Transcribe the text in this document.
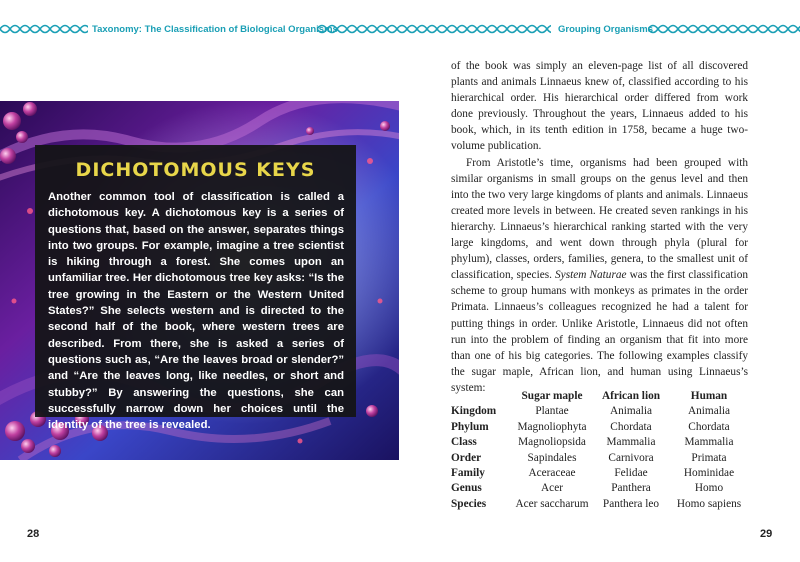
Taxonomy: The Classification of Biological Organisms	Grouping Organisms
DICHOTOMOUS KEYS

Another common tool of classification is called a dichotomous key. A dichotomous key is a series of questions that, based on the answer, separates things into two groups. For example, imagine a tree scientist is hiking through a forest. She comes upon an unfamiliar tree. Her dichotomous tree key asks: “Is the tree growing in the Eastern or the Western United States?” She selects western and is directed to the second half of the book, where western trees are described. From there, she is asked a series of questions such as, “Are the leaves broad or slender?” and “Are the leaves long, like needles, or short and stubby?” By answering the questions, she can successfully narrow down her choices until the identity of the tree is revealed.

of the book was simply an eleven-page list of all discovered plants and animals Linnaeus knew of, classified according to his hierarchical order. His hierarchical order differed from work done previously. Throughout the years, Linnaeus added to his book, which, in its tenth edition in 1758, became a huge two-volume publication.

From Aristotle’s time, organisms had been grouped with similar organisms in small groups on the genus level and then into the two very large kingdoms of plants and animals. Linnaeus created more levels in between. He created seven rankings in his hierarchy. Linnaeus’s hierarchical ranking started with the very large kingdoms, and went down through phyla (plural for phylum), classes, orders, families, genera, to the smallest unit of classification, species. System Naturae was the first classification scheme to group humans with monkeys as primates in the order Primata. Linnaeus’s colleagues recognized he had a talent for putting things in order. Unlike Aristotle, Linnaeus did not often run into the problem of finding an organism that fit into more than one of his big categories. The following examples classify the sugar maple, African lion, and human using Linnaeus’s system:

	Sugar maple	African lion	Human
Kingdom	Plantae	Animalia	Animalia
Phylum	Magnoliophyta	Chordata	Chordata
Class	Magnoliopsida	Mammalia	Mammalia
Order	Sapindales	Carnivora	Primata
Family	Aceraceae	Felidae	Hominidae
Genus	Acer	Panthera	Homo
Species	Acer saccharum	Panthera leo	Homo sapiens
28	29
